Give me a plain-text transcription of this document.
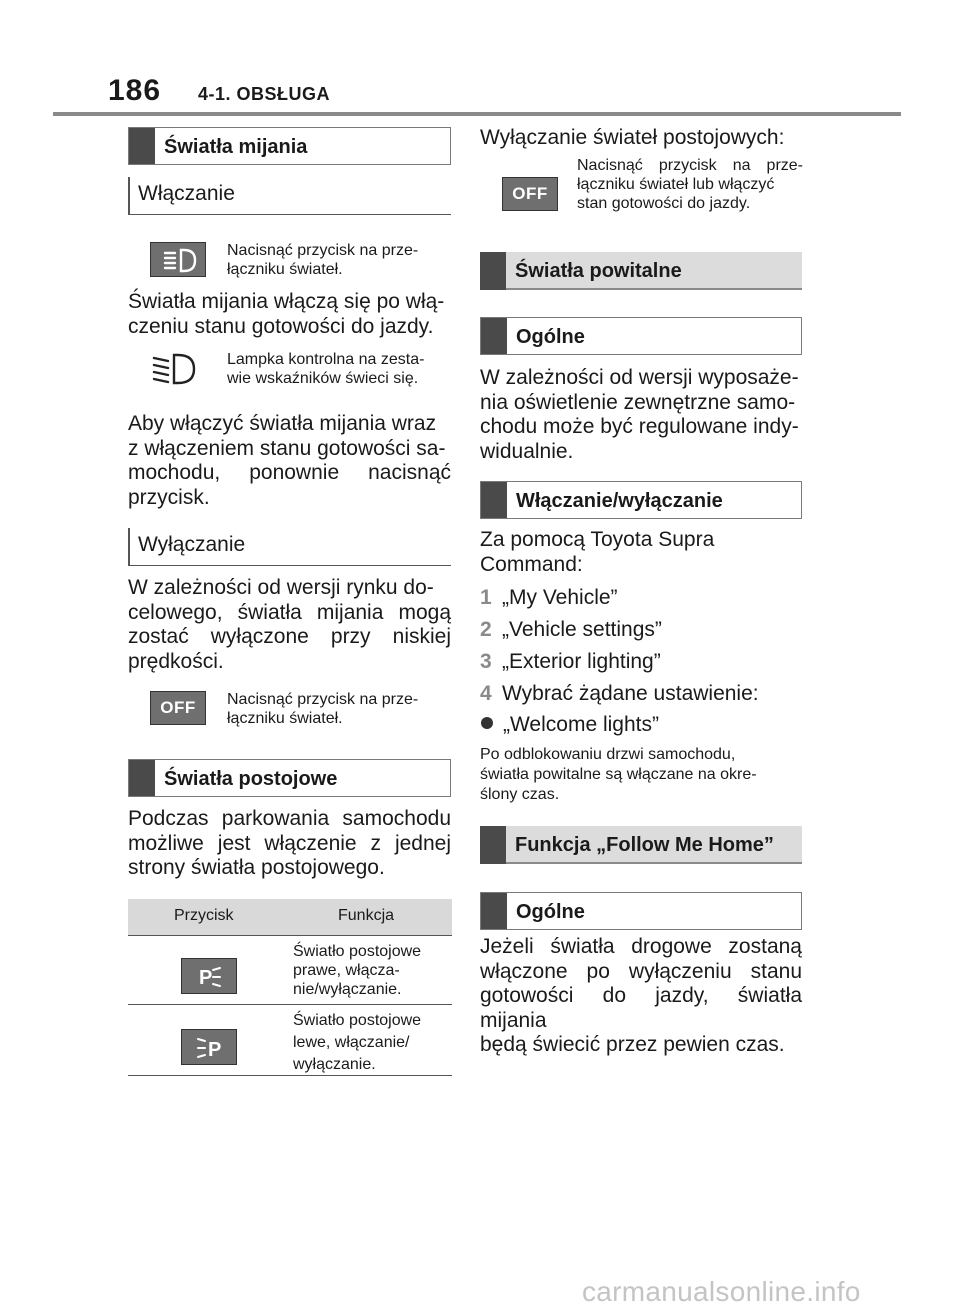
186 4-1. OBSŁUGA
Światła mijania
Włączanie
Nacisnąć przycisk na prze-
łączniku świateł.
Światła mijania włączą się po włą-
czeniu stanu gotowości do jazdy.
Lampka kontrolna na zesta-
wie wskaźników świeci się.
Aby włączyć światła mijania wraz
z włączeniem stanu gotowości sa-
mochodu, ponownie nacisnąć
przycisk.
Wyłączanie
W zależności od wersji rynku do-
celowego, światła mijania mogą
zostać wyłączone przy niskiej
prędkości.
OFF	Nacisnąć przycisk na prze-
łączniku świateł.
Światła postojowe
Podczas parkowania samochodu
możliwe jest włączenie z jednej
strony światła postojowego.
Przycisk	Funkcja
P
Światło postojowe
prawe, włącza-
nie/wyłączanie.
P
Światło postojowe
lewe, włączanie/
wyłączanie.
Wyłączanie świateł postojowych:
OFF
Nacisnąć przycisk na prze-
łączniku świateł lub włączyć
stan gotowości do jazdy.
Światła powitalne
Ogólne
W zależności od wersji wyposaże-
nia oświetlenie zewnętrzne samo-
chodu może być regulowane indy-
widualnie.
Włączanie/wyłączanie
Za pomocą Toyota Supra
Command:
1 „My Vehicle”
2 „Vehicle settings”
3 „Exterior lighting”
4 Wybrać żądane ustawienie:
„Welcome lights”
Po odblokowaniu drzwi samochodu,
światła powitalne są włączane na okre-
ślony czas.
Funkcja „Follow Me Home”
Ogólne
Jeżeli światła drogowe zostaną
włączone po wyłączeniu stanu
gotowości do jazdy, światła mijania
będą świecić przez pewien czas.
carmanualsonline.info
